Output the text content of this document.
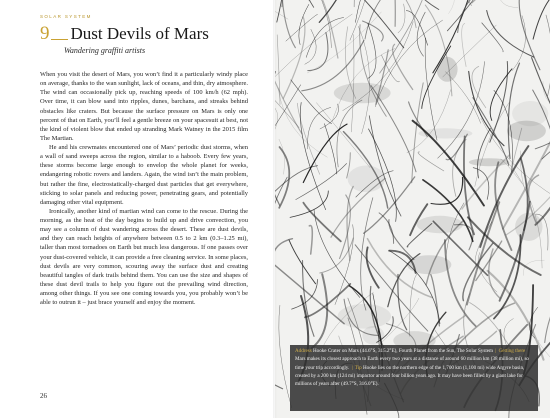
SOLAR SYSTEM
9 Dust Devils of Mars
Wandering graffiti artists

When you visit the desert of Mars, you won’t find it a particularly windy place on average, thanks to the wan sunlight, lack of oceans, and thin, dry atmosphere. The wind can occasionally pick up, reaching speeds of 100 km/h (62 mph). Over time, it can blow sand into ripples, dunes, barchans, and streaks behind obstacles like craters. But because the surface pressure on Mars is only one percent of that on Earth, you’ll feel a gentle breeze on your spacesuit at best, not the kind of violent blow that ended up stranding Mark Watney in the 2015 film The Martian.

He and his crewmates encountered one of Mars’ periodic dust storms, when a wall of sand sweeps across the region, similar to a haboob. Every few years, these storms become large enough to envelop the whole planet for weeks, endangering robotic rovers and landers. Again, the wind isn’t the main problem, but rather the fine, electrostatically-charged dust particles that get everywhere, sticking to solar panels and reducing power, penetrating gears, and potentially damaging other vital equipment.

Ironically, another kind of martian wind can come to the rescue. During the morning, as the heat of the day begins to build up and drive convection, you may see a column of dust wandering across the desert. These are dust devils, and they can reach heights of anywhere between 0.5 to 2 km (0.3–1.25 mi), taller than most tornadoes on Earth but much less dangerous. If one passes over your dust-covered vehicle, it can provide a free cleaning service. In some places, dust devils are very common, scouring away the surface dust and creating beautiful tangles of dark trails behind them. You can use the size and shapes of these dust devil trails to help you figure out the prevailing wind direction, among other things. If you see one coming towards you, you probably won’t be able to outrun it – just brace yourself and enjoy the moment.

26
Address Hooke Crater on Mars (44.6°S, 315.2°E), Fourth Planet from the Sun, The Solar System | Getting there Mars makes its closest approach to Earth every two years at a distance of around 60 million km (38 million mi), so time your trip accordingly. | Tip Hooke lies on the northern edge of the 1,700 km (1,100 mi) wide Argyre basin, created by a 200 km (124 mi) impactor around four billion years ago. It may have been filled by a giant lake for millions of years after (49.7°S, 316.0°E).
